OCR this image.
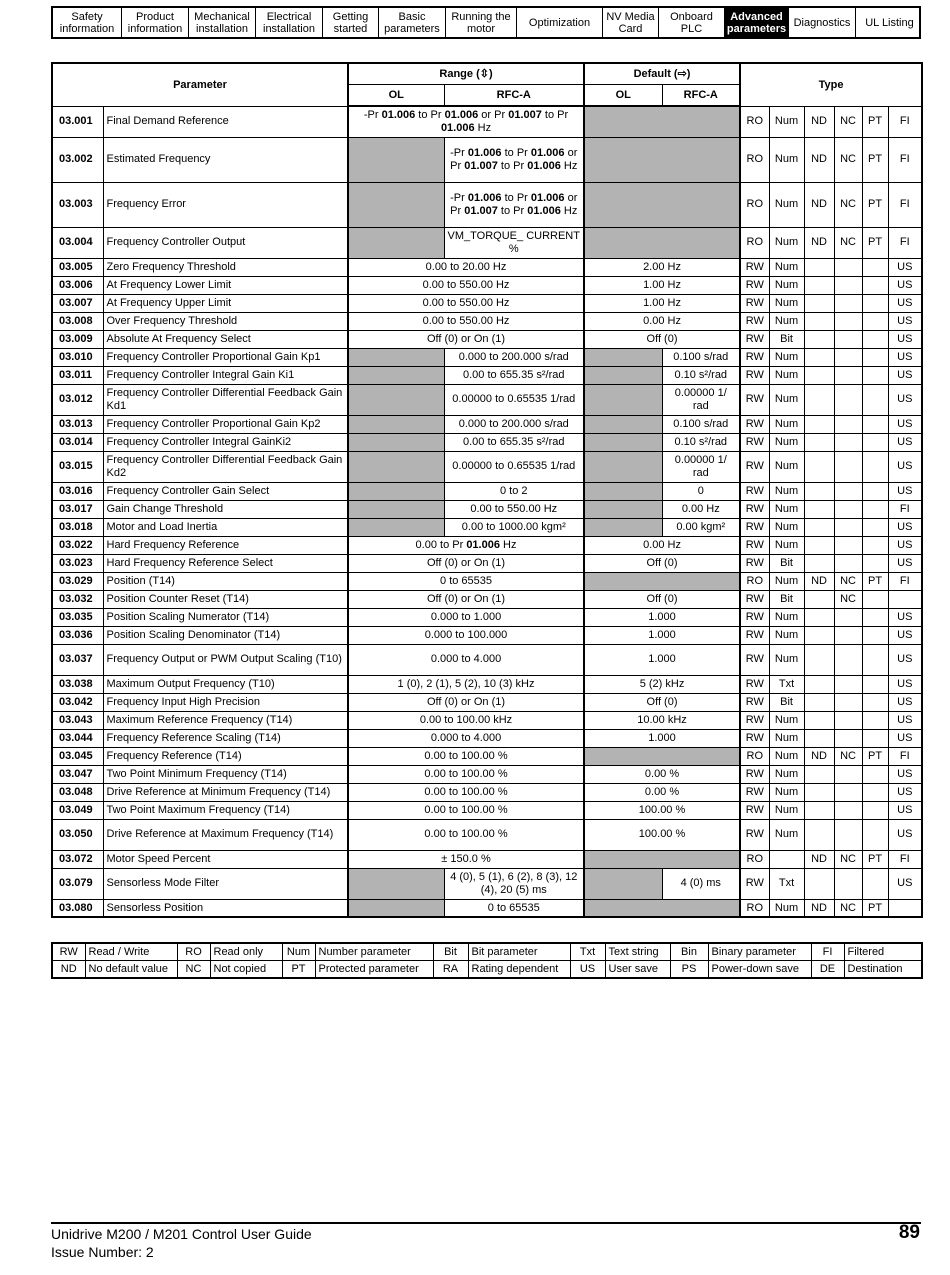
Safety information
Product information
Mechanical installation
Electrical installation
Getting started
Basic parameters
Running the motor	Optimization	NV Media Card
Onboard PLC
Advanced parameters Diagnostics	UL Listing
Parameter		Range (⇳)		Default (⇨)		Type					
		OL	RFC-A	OL	RFC-A						
03.001	Final Demand Reference	-Pr 01.006 to Pr 01.006 or Pr 01.007 to Pr 01.006 Hz				RO	Num	ND	NC	PT	FI
03.002	Estimated Frequency		-Pr 01.006 to Pr 01.006 or Pr 01.007 to Pr 01.006 Hz			RO	Num	ND	NC	PT	FI
03.003	Frequency Error		-Pr 01.006 to Pr 01.006 or Pr 01.007 to Pr 01.006 Hz			RO	Num	ND	NC	PT	FI
03.004	Frequency Controller Output		VM_TORQUE_ CURRENT %			RO	Num	ND	NC	PT	FI
03.005	Zero Frequency Threshold	0.00 to 20.00 Hz		2.00 Hz		RW	Num				US
03.006	At Frequency Lower Limit	0.00 to 550.00 Hz		1.00 Hz		RW	Num				US
03.007	At Frequency Upper Limit	0.00 to 550.00 Hz		1.00 Hz		RW	Num				US
03.008	Over Frequency Threshold	0.00 to 550.00 Hz		0.00 Hz		RW	Num				US
03.009	Absolute At Frequency Select	Off (0) or On (1)		Off (0)		RW	Bit				US
03.010	Frequency Controller Proportional Gain Kp1		0.000 to 200.000 s/rad		0.100 s/rad	RW	Num				US
03.011	Frequency Controller Integral Gain Ki1		0.00 to 655.35 s²/rad		0.10 s²/rad	RW	Num				US
03.012	Frequency Controller Differential Feedback Gain Kd1		0.00000 to 0.65535 1/rad		0.00000 1/ rad	RW	Num				US
03.013	Frequency Controller Proportional Gain Kp2		0.000 to 200.000 s/rad		0.100 s/rad	RW	Num				US
03.014	Frequency Controller Integral GainKi2		0.00 to 655.35 s²/rad		0.10 s²/rad	RW	Num				US
03.015	Frequency Controller Differential Feedback Gain Kd2		0.00000 to 0.65535 1/rad		0.00000 1/ rad	RW	Num				US
03.016	Frequency Controller Gain Select		0 to 2		0	RW	Num				US
03.017	Gain Change Threshold		0.00 to 550.00 Hz		0.00 Hz	RW	Num				FI
03.018	Motor and Load Inertia		0.00 to 1000.00 kgm²		0.00 kgm²	RW	Num				US
03.022	Hard Frequency Reference	0.00 to Pr 01.006 Hz		0.00 Hz		RW	Num				US
03.023	Hard Frequency Reference Select	Off (0) or On (1)		Off (0)		RW	Bit				US
03.029	Position (T14)	0 to 65535				RO	Num	ND	NC	PT	FI
03.032	Position Counter Reset (T14)	Off (0) or On (1)		Off (0)		RW	Bit		NC		
03.035	Position Scaling Numerator (T14)	0.000 to 1.000		1.000		RW	Num				US
03.036	Position Scaling Denominator (T14)	0.000 to 100.000		1.000		RW	Num				US
03.037	Frequency Output or PWM Output Scaling (T10)	0.000 to 4.000		1.000		RW	Num				US
03.038	Maximum Output Frequency (T10)	1 (0), 2 (1), 5 (2), 10 (3) kHz		5 (2) kHz		RW	Txt				US
03.042	Frequency Input High Precision	Off (0) or On (1)		Off (0)		RW	Bit				US
03.043	Maximum Reference Frequency (T14)	0.00 to 100.00 kHz		10.00 kHz		RW	Num				US
03.044	Frequency Reference Scaling (T14)	0.000 to 4.000		1.000		RW	Num				US
03.045	Frequency Reference (T14)	0.00 to 100.00 %				RO	Num	ND	NC	PT	FI
03.047	Two Point Minimum Frequency (T14)	0.00 to 100.00 %		0.00 %		RW	Num				US
03.048	Drive Reference at Minimum Frequency (T14)	0.00 to 100.00 %		0.00 %		RW	Num				US
03.049	Two Point Maximum Frequency (T14)	0.00 to 100.00 %		100.00 %		RW	Num				US
03.050	Drive Reference at Maximum Frequency (T14)	0.00 to 100.00 %		100.00 %		RW	Num				US
03.072	Motor Speed Percent	± 150.0 %				RO		ND	NC	PT	FI
03.079	Sensorless Mode Filter		4 (0), 5 (1), 6 (2), 8 (3), 12 (4), 20 (5) ms		4 (0) ms	RW	Txt				US
03.080	Sensorless Position		0 to 65535			RO	Num	ND	NC	PT	
RW	Read / Write	RO	Read only	Num	Number parameter	Bit	Bit parameter	Txt	Text string	Bin	Binary parameter	FI	Filtered
ND	No default value	NC	Not copied	PT	Protected parameter	RA	Rating dependent	US	User save	PS	Power-down save	DE	Destination
Unidrive M200 / M201 Control User Guide
Issue Number: 2
89
